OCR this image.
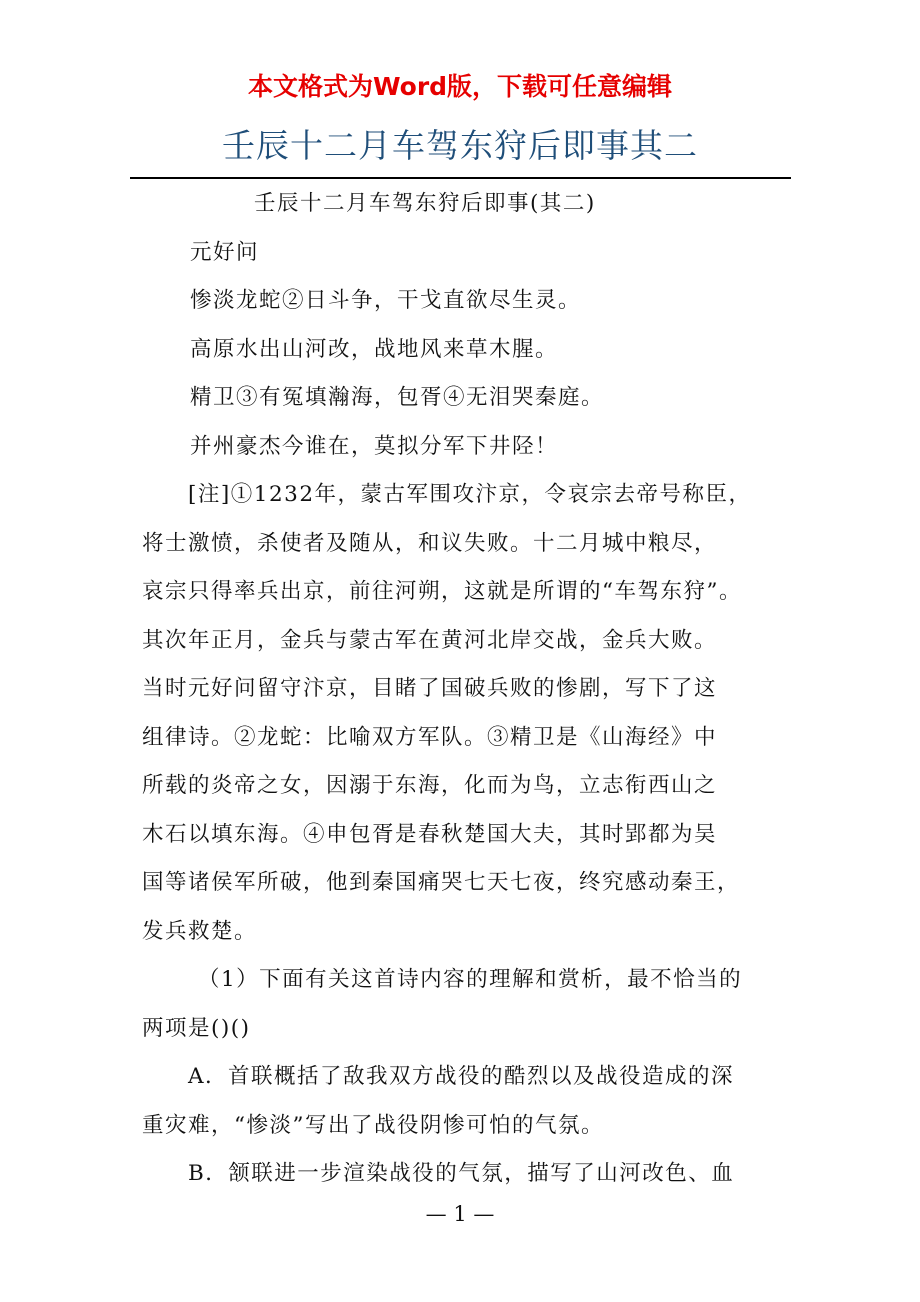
本文格式为Word版，下载可任意编辑
壬辰十二月车驾东狩后即事其二
壬辰十二月车驾东狩后即事(其二)
元好问
惨淡龙蛇②日斗争，干戈直欲尽生灵。
高原水出山河改，战地风来草木腥。
精卫③有冤填瀚海，包胥④无泪哭秦庭。
并州豪杰今谁在，莫拟分军下井陉！
[注]①1232年，蒙古军围攻汴京，令哀宗去帝号称臣，
将士激愤，杀使者及随从，和议失败。十二月城中粮尽，
哀宗只得率兵出京，前往河朔，这就是所谓的“车驾东狩”。
其次年正月，金兵与蒙古军在黄河北岸交战，金兵大败。
当时元好问留守汴京，目睹了国破兵败的惨剧，写下了这
组律诗。②龙蛇：比喻双方军队。③精卫是《山海经》中
所载的炎帝之女，因溺于东海，化而为鸟，立志衔西山之
木石以填东海。④申包胥是春秋楚国大夫，其时郢都为吴
国等诸侯军所破，他到秦国痛哭七天七夜，终究感动秦王，
发兵救楚。
（1）下面有关这首诗内容的理解和赏析，最不恰当的
两项是()()
A．首联概括了敌我双方战役的酷烈以及战役造成的深
重灾难，“惨淡”写出了战役阴惨可怕的气氛。
B．颔联进一步渲染战役的气氛，描写了山河改色、血
— 1 —
